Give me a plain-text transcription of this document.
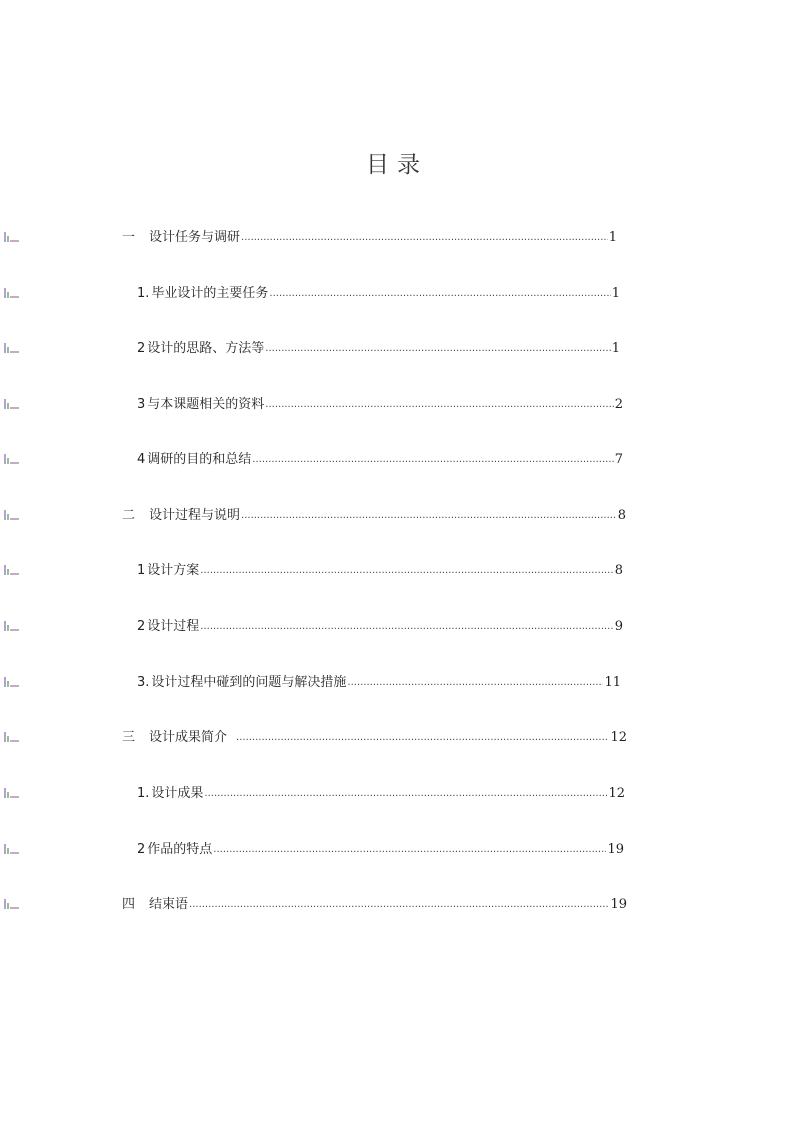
目录
一 设计任务与调研 .....	1
1. 毕业设计的主要任务 .....	1
2 设计的思路、方法等 .....	1
3 与本课题相关的资料 .....	2
4 调研的目的和总结 .....	7
二 设计过程与说明 .....	8
1 设计方案 .....	8
2 设计过程 .....	9
3. 设计过程中碰到的问题与解决措施 .....	11
三 设计成果简介 .....	12
1. 设计成果 .....	12
2 作品的特点 .....	19
四 结束语 .....	19
